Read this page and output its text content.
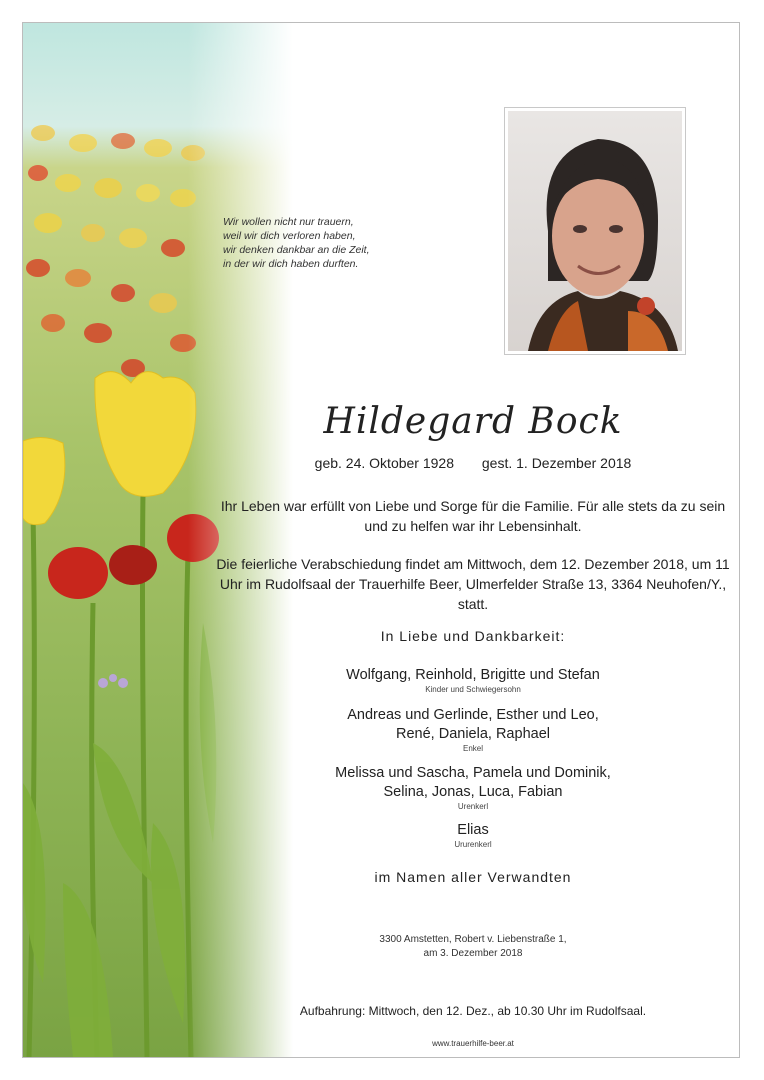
Wir wollen nicht nur trauern,
weil wir dich verloren haben,
wir denken dankbar an die Zeit,
in der wir dich haben durften.
Hildegard Bock
geb. 24. Oktober 1928 gest. 1. Dezember 2018
Ihr Leben war erfüllt von Liebe und Sorge für die Familie. Für alle stets da zu sein und zu helfen war ihr Lebensinhalt.
Die feierliche Verabschiedung findet am Mittwoch, dem 12. Dezember 2018, um 11 Uhr im Rudolfsaal der Trauerhilfe Beer, Ulmerfelder Straße 13, 3364 Neuhofen/Y., statt.
In Liebe und Dankbarkeit:
Wolfgang, Reinhold, Brigitte und Stefan
Kinder und Schwiegersohn
Andreas und Gerlinde, Esther und Leo,
René, Daniela, Raphael
Enkel
Melissa und Sascha, Pamela und Dominik,
Selina, Jonas, Luca, Fabian
Urenkerl
Elias
Ururenkerl
im Namen aller Verwandten
3300 Amstetten, Robert v. Liebenstraße 1,
am 3. Dezember 2018
Aufbahrung: Mittwoch, den 12. Dez., ab 10.30 Uhr im Rudolfsaal.
www.trauerhilfe-beer.at
